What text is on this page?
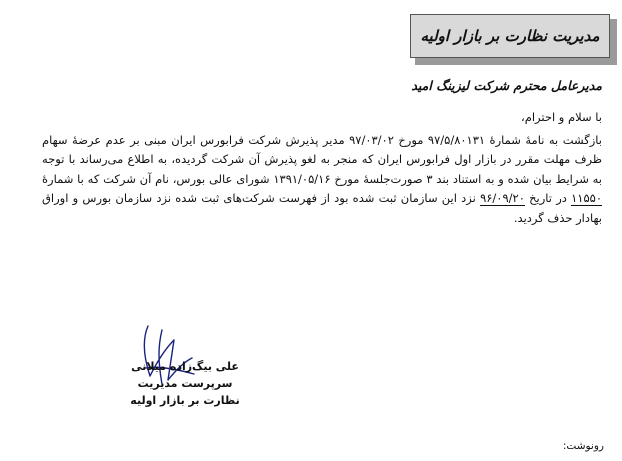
مدیریت نظارت بر بازار اولیه
مدیرعامل محترم شرکت لیزینگ امید
با سلام و احترام،

بازگشت به نامهٔ شمارهٔ ۹۷/۵/۸۰۱۳۱ مورخ ۹۷/۰۳/۰۲ مدیر پذیرش شرکت فرابورس ایران مبنی بر عدم عرضهٔ سهام ظرف مهلت مقرر در بازار اول فرابورس ایران که منجر به لغو پذیرش آن شرکت گردیده، به اطلاع می‌رساند با توجه به شرایط بیان شده و به استناد بند ۳ صورت‌جلسهٔ مورخ ۱۳۹۱/۰۵/۱۶ شورای عالی بورس، نام آن شرکت که با شمارهٔ ۱۱۵۵۰ در تاریخ ۹۶/۰۹/۲۰ نزد این سازمان ثبت شده بود از فهرست شرکت‌های ثبت شده نزد سازمان بورس و اوراق بهادار حذف گردید.

علی بیگ‌زاده میلانی
سرپرست مدیریت نظارت بر بازار اولیه
رونوشت:
